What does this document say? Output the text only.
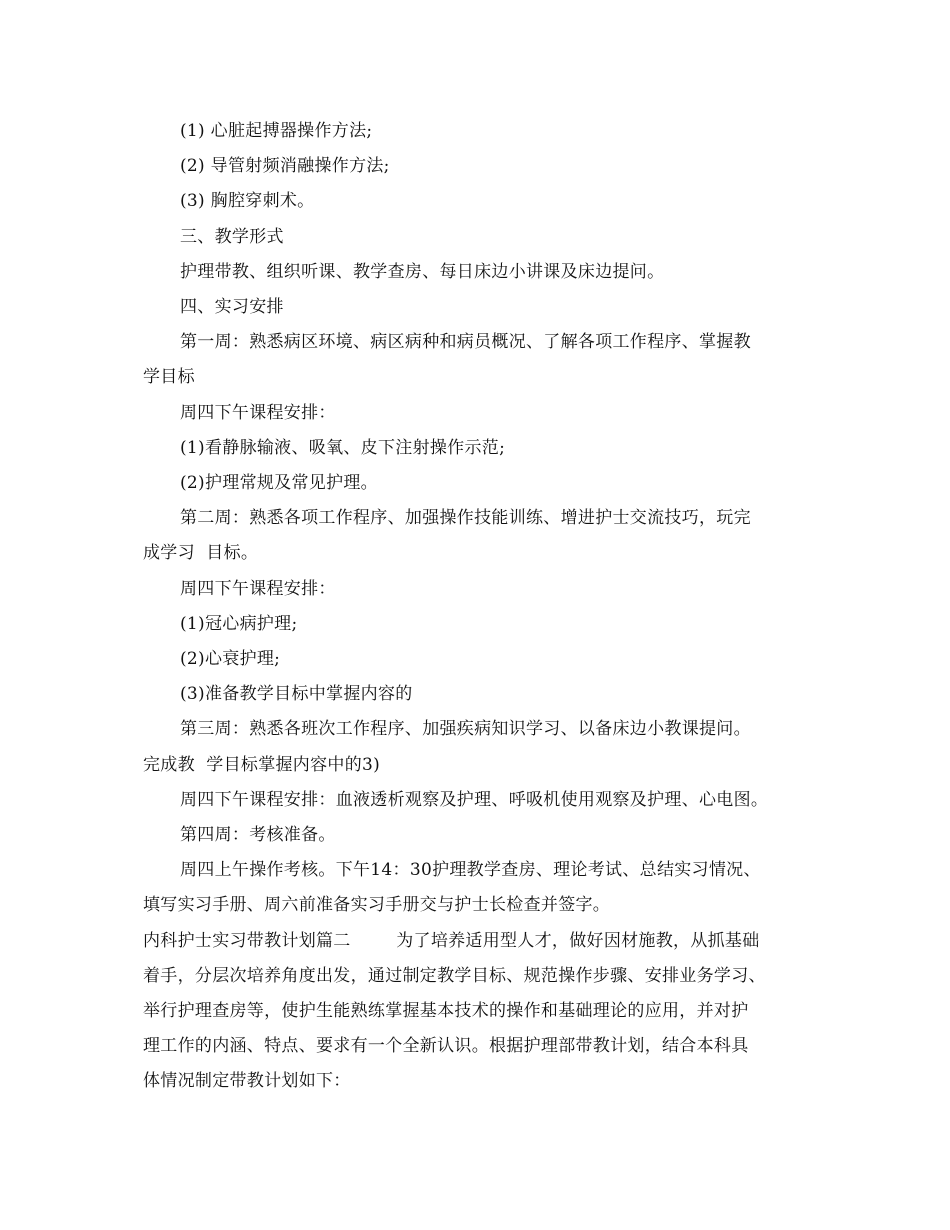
(1) 心脏起搏器操作方法;
(2) 导管射频消融操作方法;
(3) 胸腔穿刺术。
三、教学形式
护理带教、组织听课、教学查房、每日床边小讲课及床边提问。
四、实习安排
第一周：熟悉病区环境、病区病种和病员概况、了解各项工作程序、掌握教
学目标
周四下午课程安排：
(1)看静脉输液、吸氧、皮下注射操作示范;
(2)护理常规及常见护理。
第二周：熟悉各项工作程序、加强操作技能训练、增进护士交流技巧，玩完
成学习  目标。
周四下午课程安排：
(1)冠心病护理;
(2)心衰护理;
(3)准备教学目标中掌握内容的
第三周：熟悉各班次工作程序、加强疾病知识学习、以备床边小教课提问。
完成教  学目标掌握内容中的3)
周四下午课程安排：血液透析观察及护理、呼吸机使用观察及护理、心电图。
第四周：考核准备。
周四上午操作考核。下午14：30护理教学查房、理论考试、总结实习情况、
填写实习手册、周六前准备实习手册交与护士长检查并签字。
内科护士实习带教计划篇二        为了培养适用型人才，做好因材施教，从抓基础
着手，分层次培养角度出发，通过制定教学目标、规范操作步骤、安排业务学习、
举行护理查房等，使护生能熟练掌握基本技术的操作和基础理论的应用，并对护
理工作的内涵、特点、要求有一个全新认识。根据护理部带教计划，结合本科具
体情况制定带教计划如下：
